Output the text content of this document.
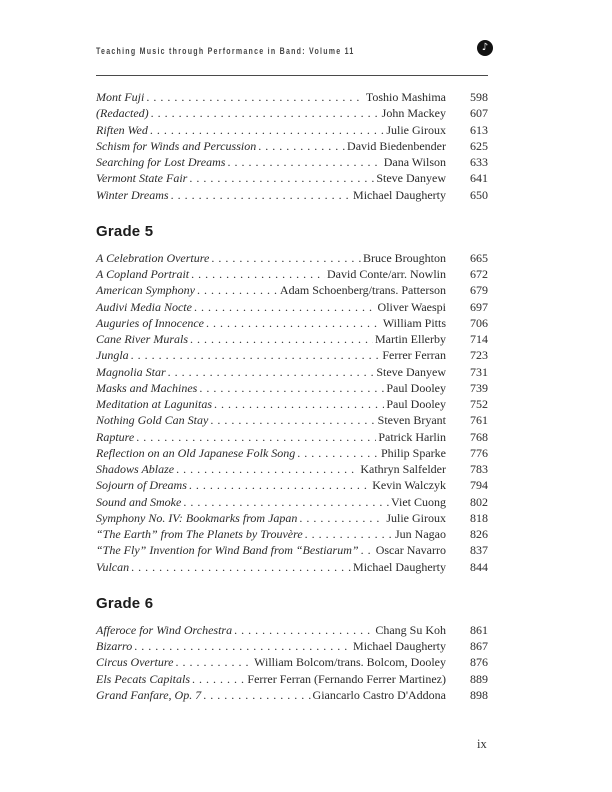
Teaching Music through Performance in Band: Volume 11	♪
Mont Fuji . . .	Toshio Mashima	598
(Redacted) . . .	John Mackey	607
Riften Wed . . .	Julie Giroux	613
Schism for Winds and Percussion . . .	David Biedenbender	625
Searching for Lost Dreams . . .	Dana Wilson	633
Vermont State Fair . . .	Steve Danyew	641
Winter Dreams . . .	Michael Daugherty	650
Grade 5
A Celebration Overture . . .	Bruce Broughton	665
A Copland Portrait . . .	David Conte/arr. Nowlin	672
American Symphony . . .	Adam Schoenberg/trans. Patterson	679
Audivi Media Nocte . . .	Oliver Waespi	697
Auguries of Innocence . . .	William Pitts	706
Cane River Murals . . .	Martin Ellerby	714
Jungla . . .	Ferrer Ferran	723
Magnolia Star . . .	Steve Danyew	731
Masks and Machines . . .	Paul Dooley	739
Meditation at Lagunitas . . .	Paul Dooley	752
Nothing Gold Can Stay . . .	Steven Bryant	761
Rapture . . .	Patrick Harlin	768
Reflection on an Old Japanese Folk Song . . .	Philip Sparke	776
Shadows Ablaze . . .	Kathryn Salfelder	783
Sojourn of Dreams . . .	Kevin Walczyk	794
Sound and Smoke . . .	Viet Cuong	802
Symphony No. IV: Bookmarks from Japan . . .	Julie Giroux	818
“The Earth” from The Planets by Trouvère . . .	Jun Nagao	826
“The Fly” Invention for Wind Band from “Bestiarum” . . . Oscar Navarro	837
Vulcan . . .	Michael Daugherty	844
Grade 6
Afferoce for Wind Orchestra . . .	Chang Su Koh	861
Bizarro . . .	Michael Daugherty	867
Circus Overture . . .	William Bolcom/trans. Bolcom, Dooley	876
Els Pecats Capitals . . .	Ferrer Ferran (Fernando Ferrer Martinez)	889
Grand Fanfare, Op. 7 . . .	Giancarlo Castro D'Addona	898
ix
